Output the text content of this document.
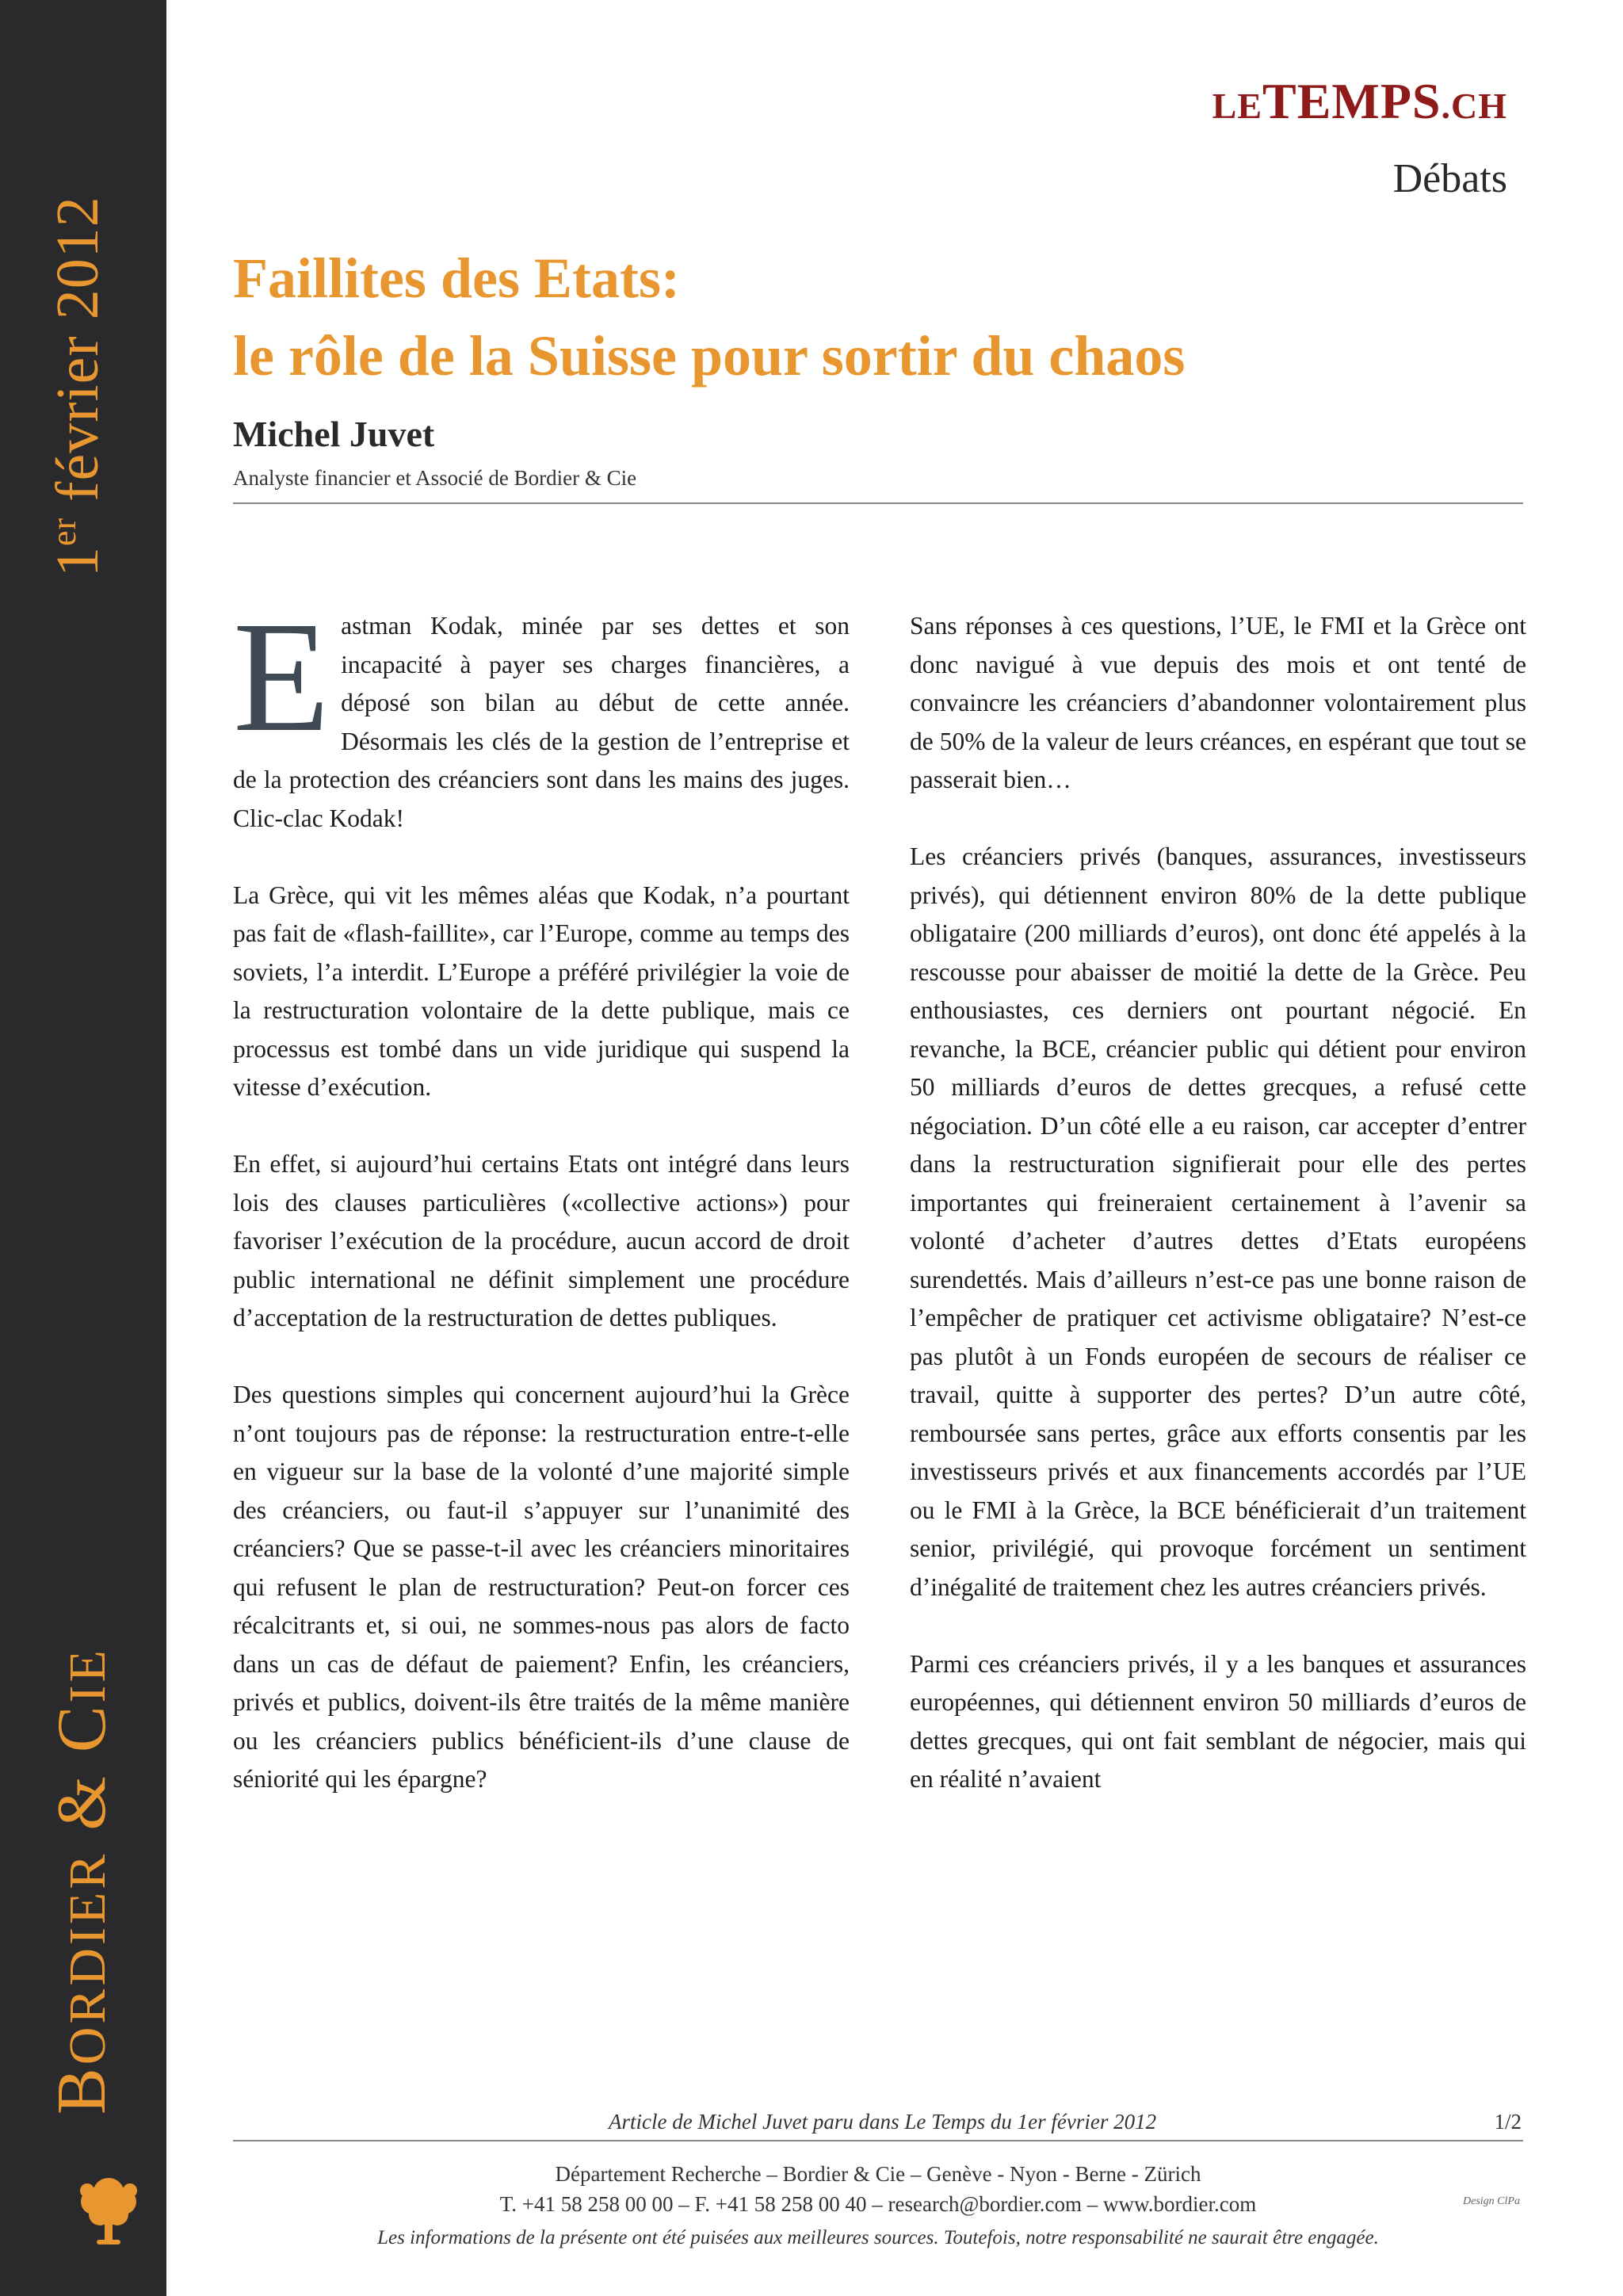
1er février 2012
BORDIER & CIE
LETEMPS.CH
Débats
Faillites des Etats:
le rôle de la Suisse pour sortir du chaos
Michel Juvet
Analyste financier et Associé de Bordier & Cie

Eastman Kodak, minée par ses dettes et son incapacité à payer ses charges financières, a déposé son bilan au début de cette année. Désormais les clés de la gestion de l’entreprise et de la protection des créanciers sont dans les mains des juges. Clic-clac Kodak!

La Grèce, qui vit les mêmes aléas que Kodak, n’a pourtant pas fait de «flash-faillite», car l’Europe, comme au temps des soviets, l’a interdit. L’Europe a préféré privilégier la voie de la restructuration volontaire de la dette publique, mais ce processus est tombé dans un vide juridique qui suspend la vitesse d’exécution.

En effet, si aujourd’hui certains Etats ont intégré dans leurs lois des clauses particulières («collective actions») pour favoriser l’exécution de la procédure, aucun accord de droit public international ne définit simplement une procédure d’acceptation de la restructuration de dettes publiques.

Des questions simples qui concernent aujourd’hui la Grèce n’ont toujours pas de réponse: la restructuration entre-t-elle en vigueur sur la base de la volonté d’une majorité simple des créanciers, ou faut-il s’appuyer sur l’unanimité des créanciers? Que se passe-t-il avec les créanciers minoritaires qui refusent le plan de restructuration? Peut-on forcer ces récalcitrants et, si oui, ne sommes-nous pas alors de facto dans un cas de défaut de paiement? Enfin, les créanciers, privés et publics, doivent-ils être traités de la même manière ou les créanciers publics bénéficient-ils d’une clause de séniorité qui les épargne?

Sans réponses à ces questions, l’UE, le FMI et la Grèce ont donc navigué à vue depuis des mois et ont tenté de convaincre les créanciers d’abandonner volontairement plus de 50% de la valeur de leurs créances, en espérant que tout se passerait bien…

Les créanciers privés (banques, assurances, investisseurs privés), qui détiennent environ 80% de la dette publique obligataire (200 milliards d’euros), ont donc été appelés à la rescousse pour abaisser de moitié la dette de la Grèce. Peu enthousiastes, ces derniers ont pourtant négocié. En revanche, la BCE, créancier public qui détient pour environ 50 milliards d’euros de dettes grecques, a refusé cette négociation. D’un côté elle a eu raison, car accepter d’entrer dans la restructuration signifierait pour elle des pertes importantes qui freineraient certainement à l’avenir sa volonté d’acheter d’autres dettes d’Etats européens surendettés. Mais d’ailleurs n’est-ce pas une bonne raison de l’empêcher de pratiquer cet activisme obligataire? N’est-ce pas plutôt à un Fonds européen de secours de réaliser ce travail, quitte à supporter des pertes? D’un autre côté, remboursée sans pertes, grâce aux efforts consentis par les investisseurs privés et aux financements accordés par l’UE ou le FMI à la Grèce, la BCE bénéficierait d’un traitement senior, privilégié, qui provoque forcément un sentiment d’inégalité de traitement chez les autres créanciers privés.

Parmi ces créanciers privés, il y a les banques et assurances européennes, qui détiennent environ 50 milliards d’euros de dettes grecques, qui ont fait semblant de négocier, mais qui en réalité n’avaient

Article de Michel Juvet paru dans Le Temps du 1er février 2012	1/2
Département Recherche – Bordier & Cie – Genève - Nyon - Berne - Zürich
T. +41 58 258 00 00 – F. +41 58 258 00 40 – research@bordier.com – www.bordier.com
Les informations de la présente ont été puisées aux meilleures sources. Toutefois, notre responsabilité ne saurait être engagée.
Design ClPa
